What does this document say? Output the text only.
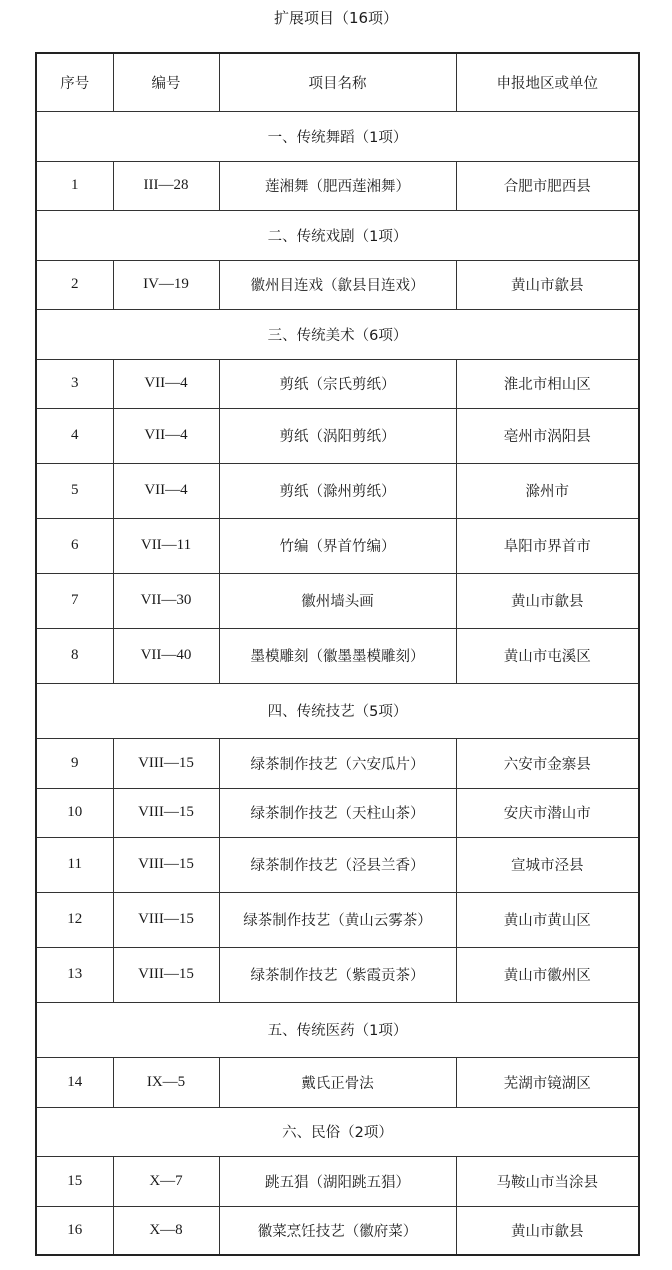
扩展项目（16项）
序号	编号	项目名称	申报地区或单位
一、传统舞蹈（1项）			
1	III—28	莲湘舞（肥西莲湘舞）	合肥市肥西县
二、传统戏剧（1项）			
2	IV—19	徽州目连戏（歙县目连戏）	黄山市歙县
三、传统美术（6项）			
3	VII—4	剪纸（宗氏剪纸）	淮北市相山区
4	VII—4	剪纸（涡阳剪纸）	亳州市涡阳县
5	VII—4	剪纸（滁州剪纸）	滁州市
6	VII—11	竹编（界首竹编）	阜阳市界首市
7	VII—30	徽州墙头画	黄山市歙县
8	VII—40	墨模雕刻（徽墨墨模雕刻）	黄山市屯溪区
四、传统技艺（5项）			
9	VIII—15	绿茶制作技艺（六安瓜片）	六安市金寨县
10	VIII—15	绿茶制作技艺（天柱山茶）	安庆市潜山市
11	VIII—15	绿茶制作技艺（泾县兰香）	宣城市泾县
12	VIII—15	绿茶制作技艺（黄山云雾茶）	黄山市黄山区
13	VIII—15	绿茶制作技艺（紫霞贡茶）	黄山市徽州区
五、传统医药（1项）			
14	IX—5	戴氏正骨法	芜湖市镜湖区
六、民俗（2项）			
15	X—7	跳五猖（湖阳跳五猖）	马鞍山市当涂县
16	X—8	徽菜烹饪技艺（徽府菜）	黄山市歙县
